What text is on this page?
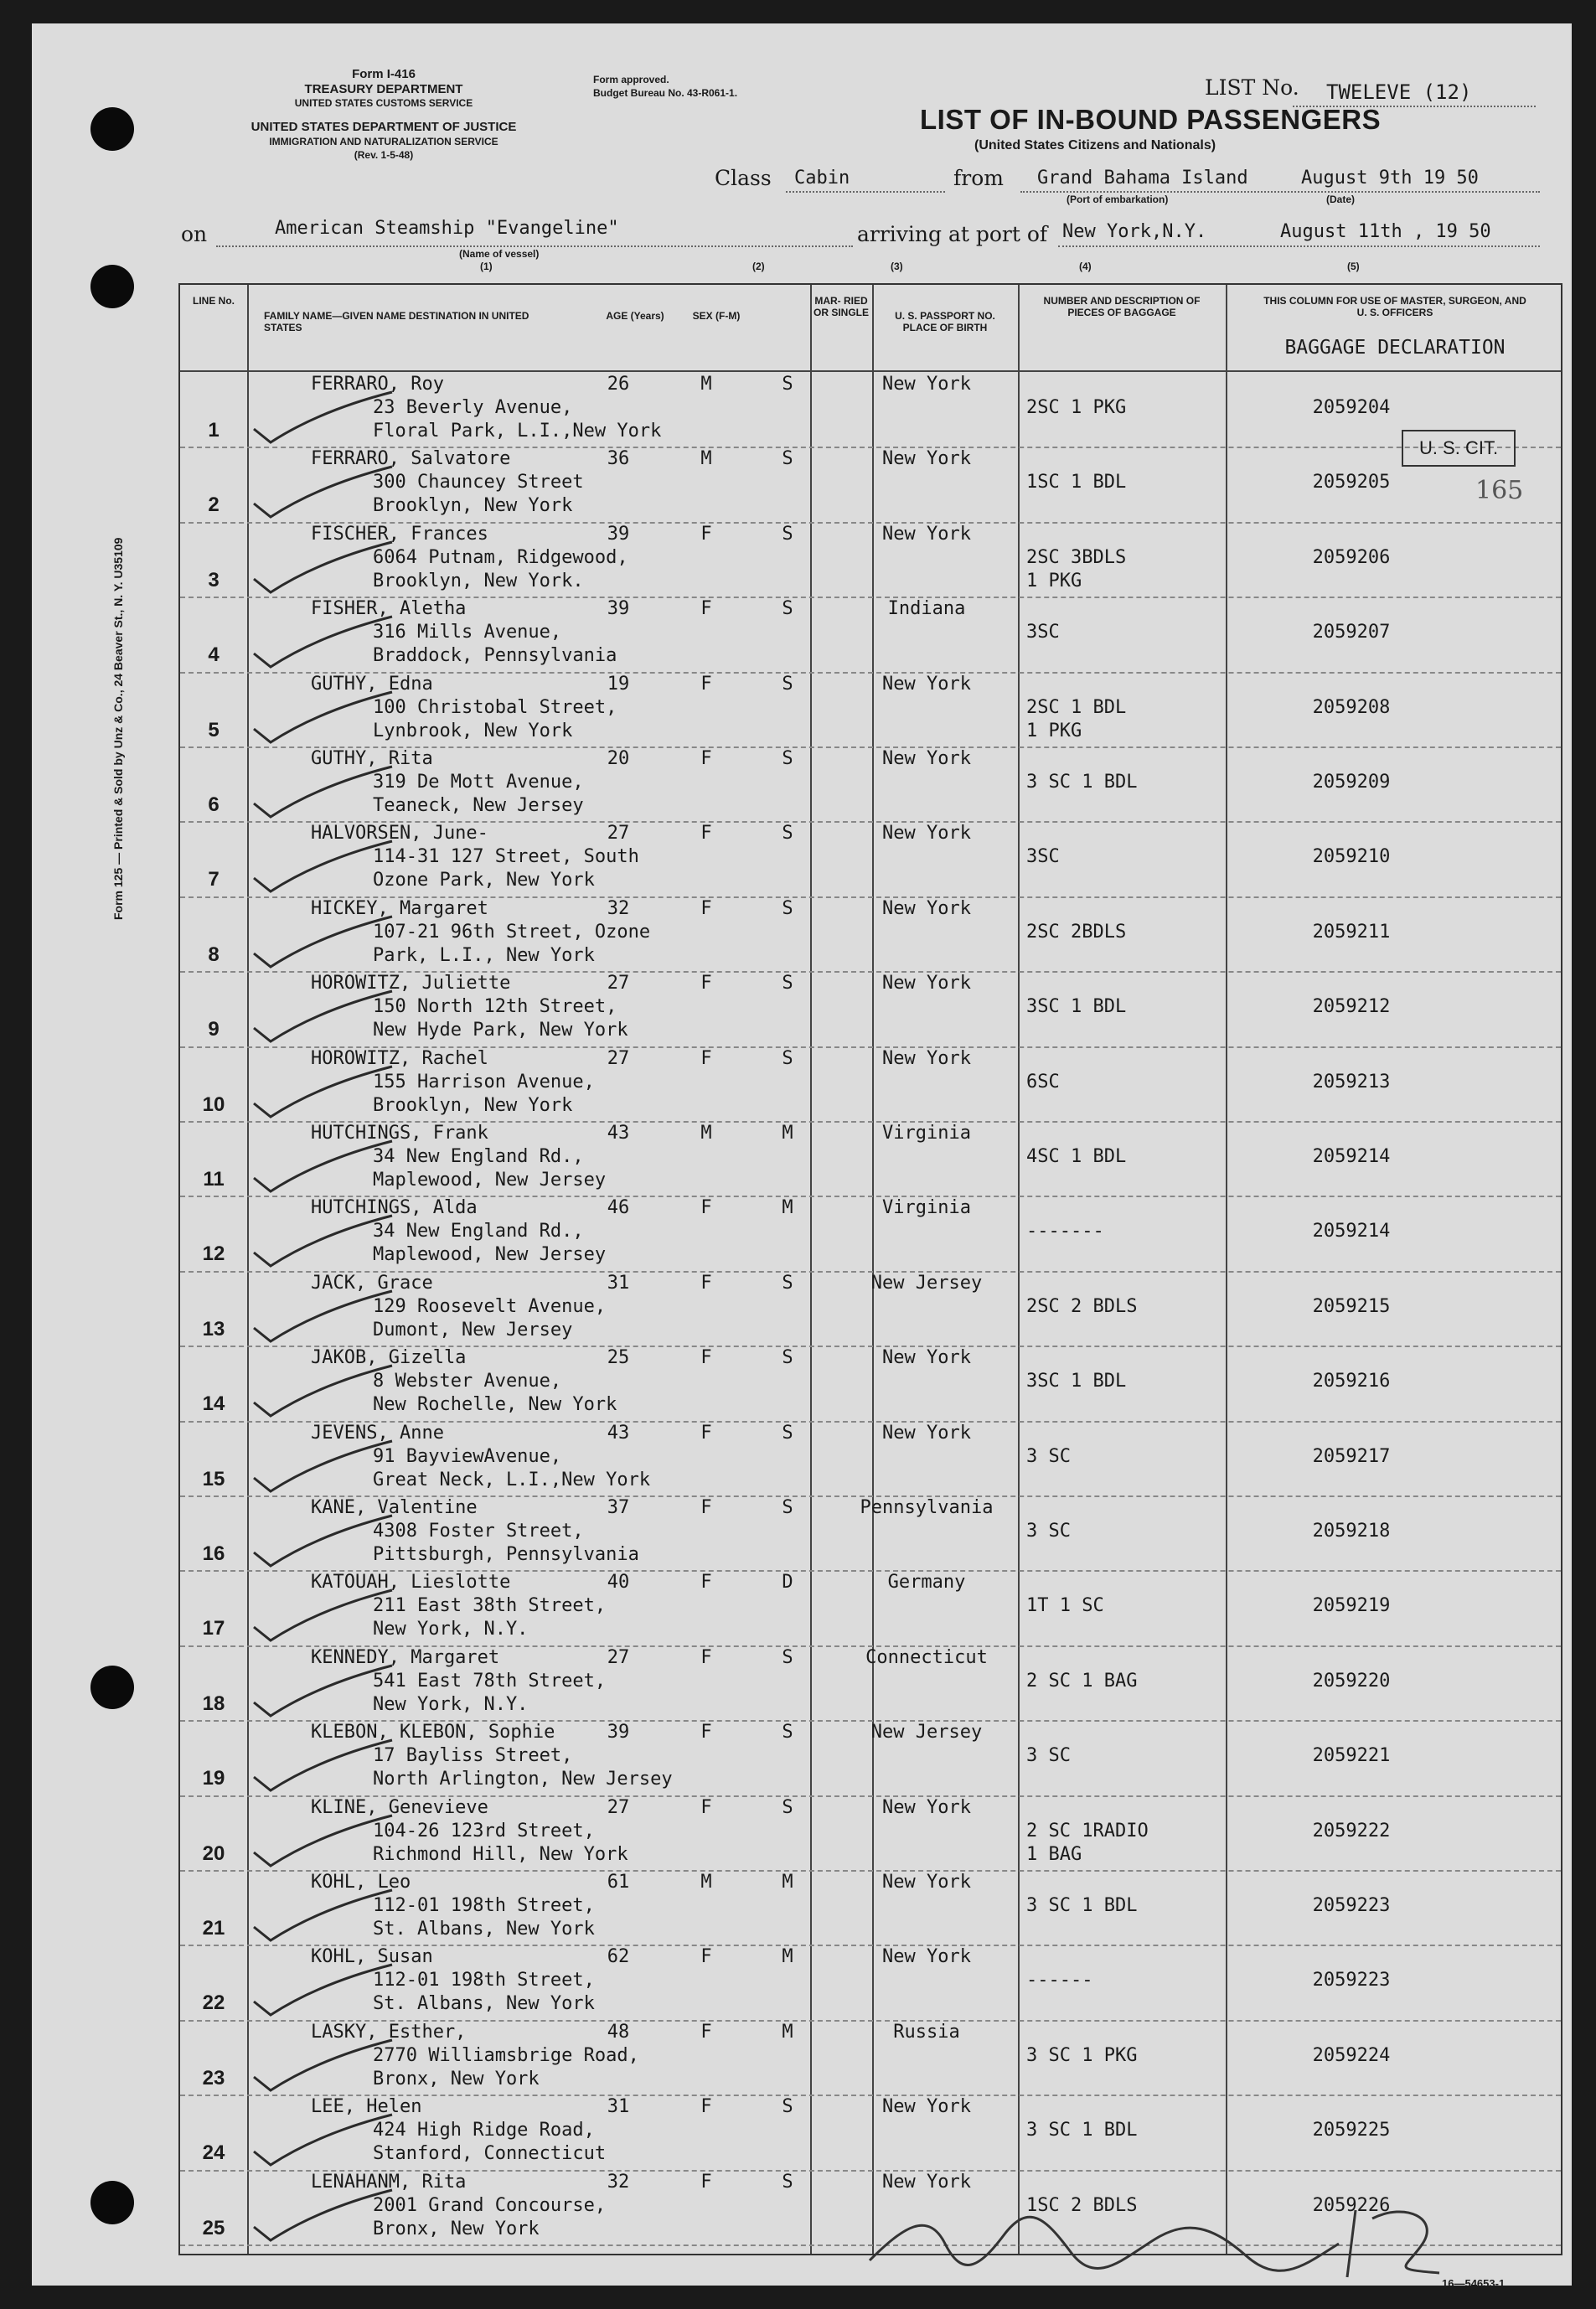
Form I-416
TREASURY DEPARTMENT
UNITED STATES CUSTOMS SERVICE
UNITED STATES DEPARTMENT OF JUSTICE
IMMIGRATION AND NATURALIZATION SERVICE
(Rev. 1-5-48)
Form approved.
Budget Bureau No. 43-R061-1.	LIST No. TWELEVE (12)
LIST OF IN-BOUND PASSENGERS
(United States Citizens and Nationals)
Class Cabin	from Grand Bahama Island	August 9th 19 50
(Port of embarkation)	(Date)
on	American Steamship "Evangeline"
(Name of vessel)
arriving at port of New York,N.Y.	August 11th , 19 50
(1)	(2)	(3)	(4)	(5)
LINE No.
FAMILY NAME—GIVEN NAME DESTINATION IN UNITED STATES
AGE (Years)	SEX (F-M)
MAR- RIED OR SINGLE	U. S. PASSPORT NO. PLACE OF BIRTH
NUMBER AND DESCRIPTION OF PIECES OF BAGGAGE
THIS COLUMN FOR USE OF MASTER, SURGEON, AND U. S. OFFICERS
BAGGAGE DECLARATION
1
FERRARO, Roy
23 Beverly Avenue,
Floral Park, L.I.,New York
26	M	S	New York
2SC 1 PKG	2059204
2
FERRARO, Salvatore
300 Chauncey Street
Brooklyn, New York
36	M	S	New York
1SC 1 BDL	2059205
3
FISCHER, Frances
6064 Putnam, Ridgewood,
Brooklyn, New York.
39	F	S	New York
2SC 3BDLS
1 PKG
2059206
4
FISHER, Aletha
316 Mills Avenue,
Braddock, Pennsylvania
39	F	S	Indiana
3SC	2059207
5
GUTHY, Edna
100 Christobal Street,
Lynbrook, New York
19	F	S	New York
2SC 1 BDL
1 PKG
2059208
6
GUTHY, Rita
319 De Mott Avenue,
Teaneck, New Jersey
20	F	S	New York
3 SC 1 BDL	2059209
7
HALVORSEN, June-
114-31 127 Street, South
Ozone Park, New York
27	F	S	New York
3SC	2059210
8
HICKEY, Margaret
107-21 96th Street, Ozone
Park, L.I., New York
32	F	S	New York
2SC 2BDLS	2059211
9
HOROWITZ, Juliette
150 North 12th Street,
New Hyde Park, New York
27	F	S	New York
3SC 1 BDL	2059212
10
HOROWITZ, Rachel
155 Harrison Avenue,
Brooklyn, New York
27	F	S	New York
6SC	2059213
11
HUTCHINGS, Frank
34 New England Rd.,
Maplewood, New Jersey
43	M	M	Virginia
4SC 1 BDL	2059214
12
HUTCHINGS, Alda
34 New England Rd.,
Maplewood, New Jersey
46	F	M	Virginia
-------	2059214
13
JACK, Grace
129 Roosevelt Avenue,
Dumont, New Jersey
31	F	S	New Jersey
2SC 2 BDLS	2059215
14
JAKOB, Gizella
8 Webster Avenue,
New Rochelle, New York
25	F	S	New York
3SC 1 BDL	2059216
15
JEVENS, Anne
91 BayviewAvenue,
Great Neck, L.I.,New York
43	F	S	New York
3 SC	2059217
16
KANE, Valentine
4308 Foster Street,
Pittsburgh, Pennsylvania
37	F	S	Pennsylvania
3 SC	2059218
17
KATOUAH, Lieslotte
211 East 38th Street,
New York, N.Y.
40	F	D	Germany
1T 1 SC	2059219
18
KENNEDY, Margaret
541 East 78th Street,
New York, N.Y.
27	F	S	Connecticut
2 SC 1 BAG	2059220
19
KLEBON, KLEBON, Sophie
17 Bayliss Street,
North Arlington, New Jersey
39	F	S	New Jersey
3 SC	2059221
20
KLINE, Genevieve
104-26 123rd Street,
Richmond Hill, New York
27	F	S	New York
2 SC 1RADIO
1 BAG
2059222
21
KOHL, Leo
112-01 198th Street,
St. Albans, New York
61	M	M	New York
3 SC 1 BDL	2059223
22
KOHL, Susan
112-01 198th Street,
St. Albans, New York
62	F	M	New York
------	2059223
23
LASKY, Esther,
2770 Williamsbrige Road,
Bronx, New York
48	F	M	Russia
3 SC 1 PKG	2059224
24
LEE, Helen
424 High Ridge Road,
Stanford, Connecticut
31	F	S	New York
3 SC 1 BDL	2059225
25
LENAHANM, Rita
2001 Grand Concourse,
Bronx, New York
32	F	S	New York
1SC 2 BDLS	2059226
U. S. CIT.
165
Form 125 — Printed & Sold by Unz & Co., 24 Beaver St., N. Y. U35109
16—54653-1
